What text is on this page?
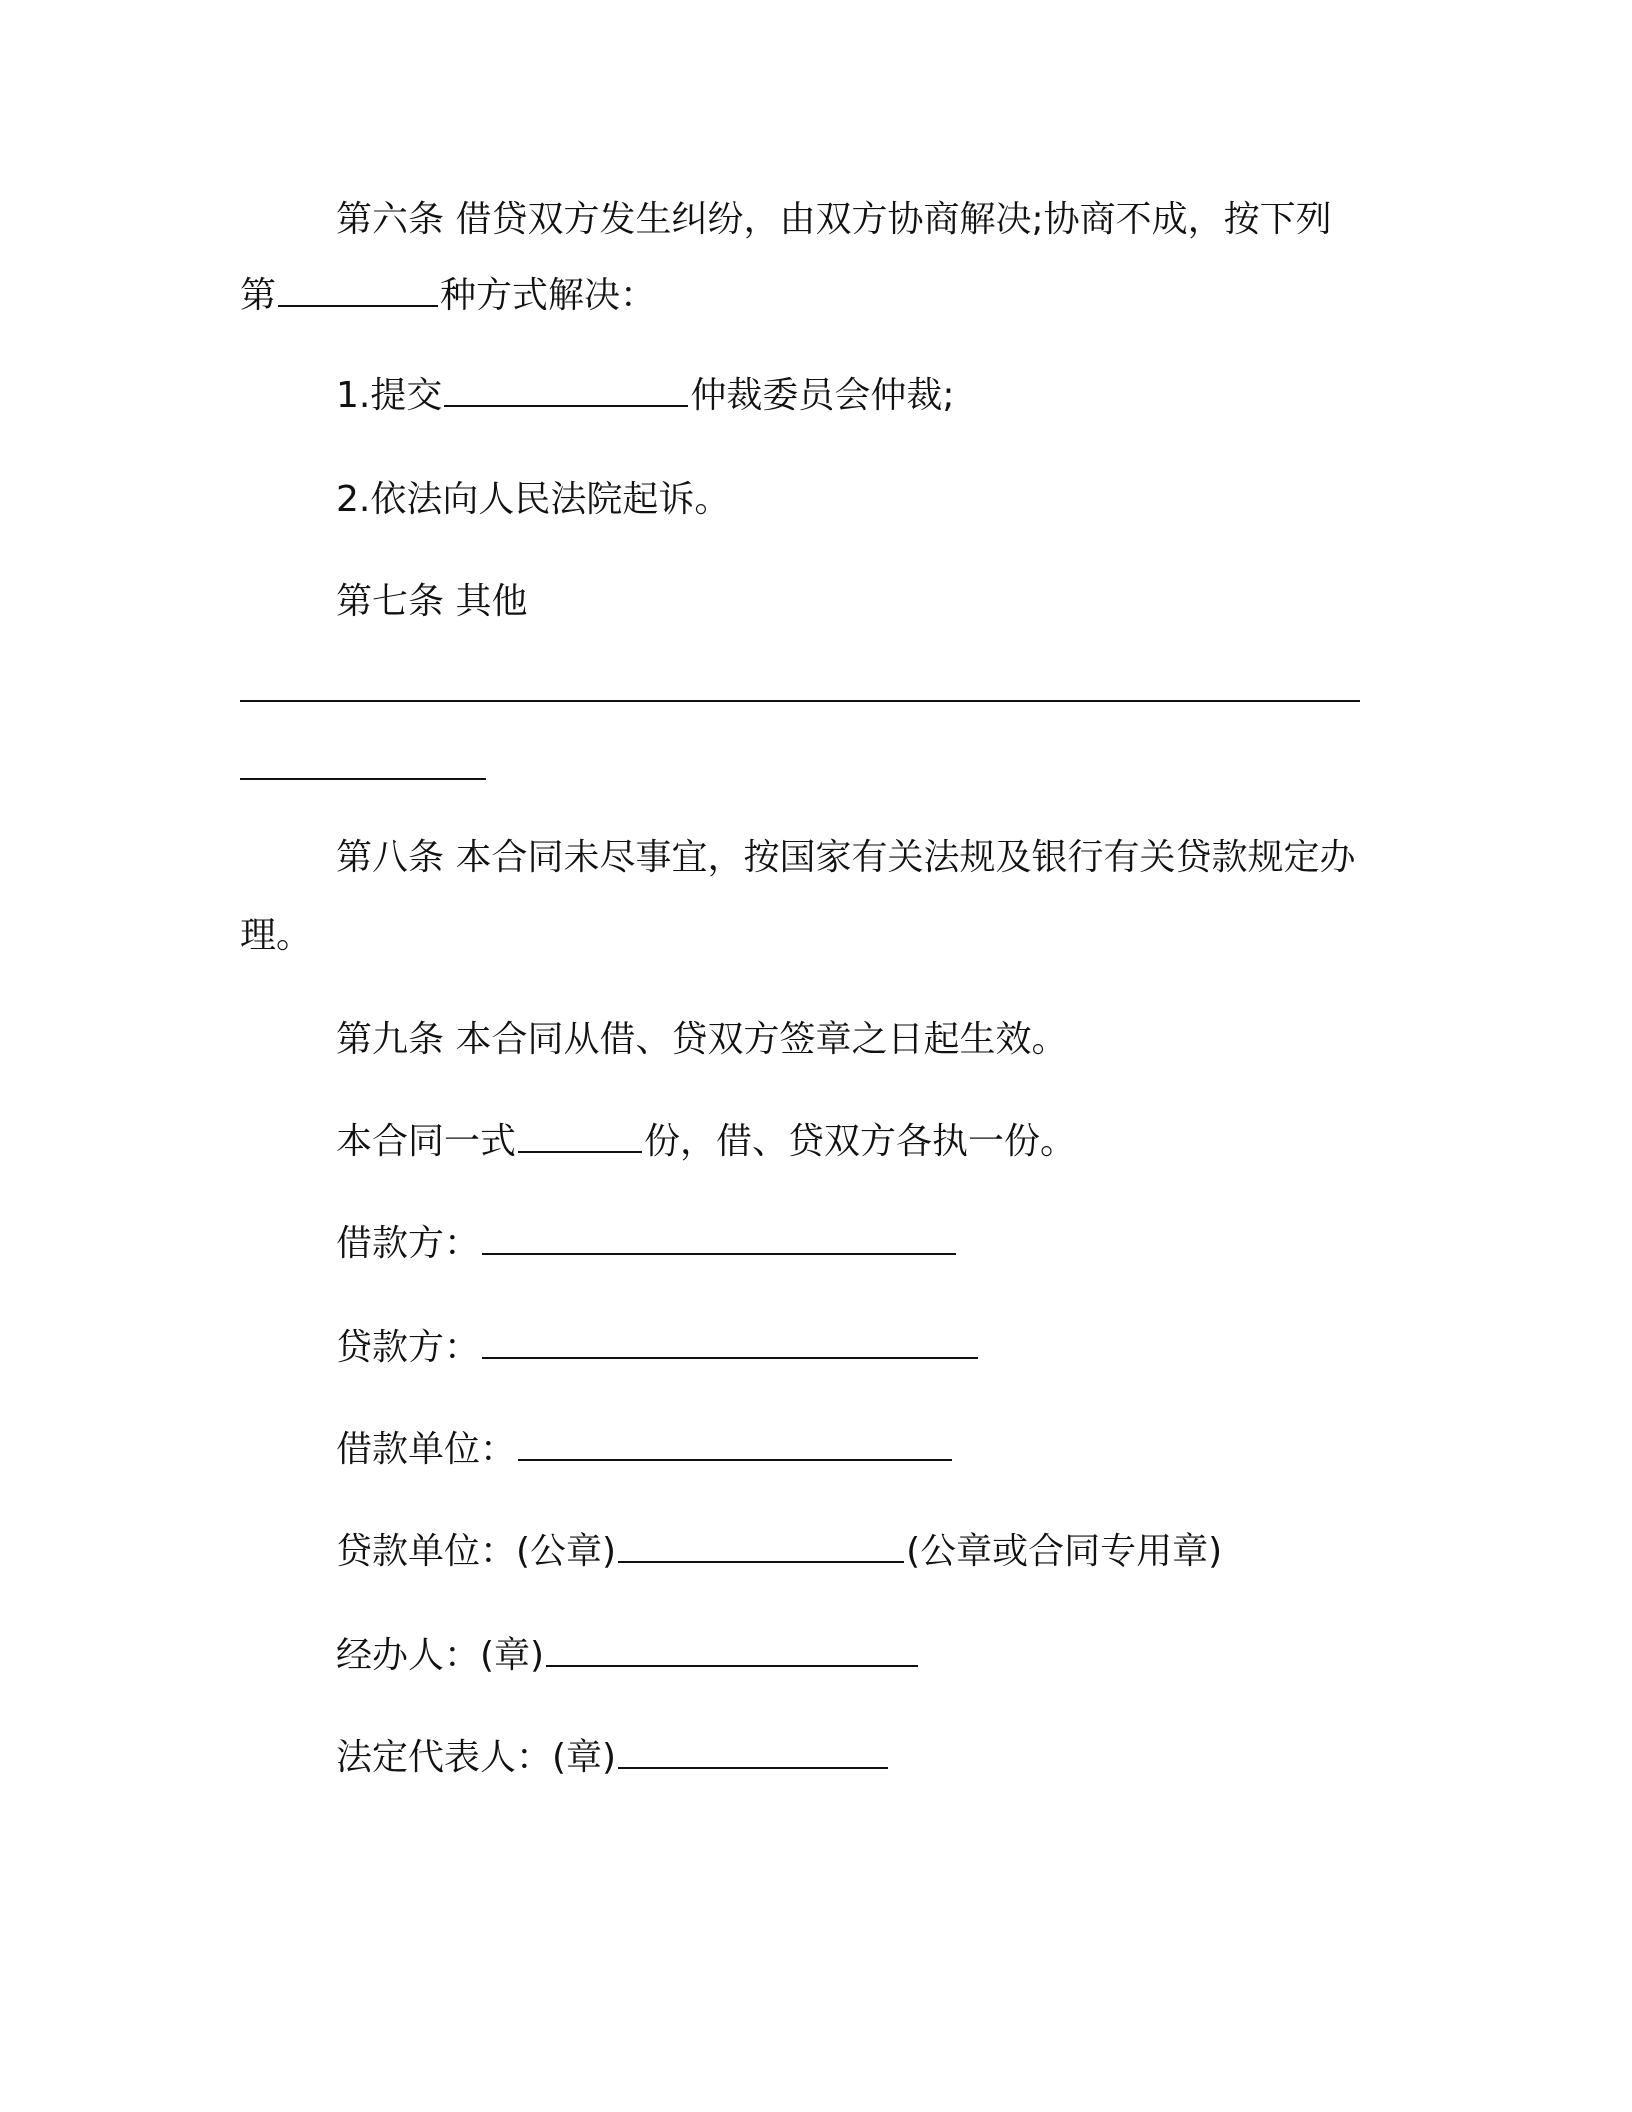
第六条 借贷双方发生纠纷，由双方协商解决;协商不成，按下列
第	种方式解决：
1.提交	仲裁委员会仲裁;
2.依法向人民法院起诉。
第七条 其他
第八条 本合同未尽事宜，按国家有关法规及银行有关贷款规定办
理。
第九条 本合同从借、贷双方签章之日起生效。
本合同一式	份，借、贷双方各执一份。
借款方：
贷款方：
借款单位：
贷款单位：(公章)	(公章或合同专用章)
经办人：(章)
法定代表人：(章)
